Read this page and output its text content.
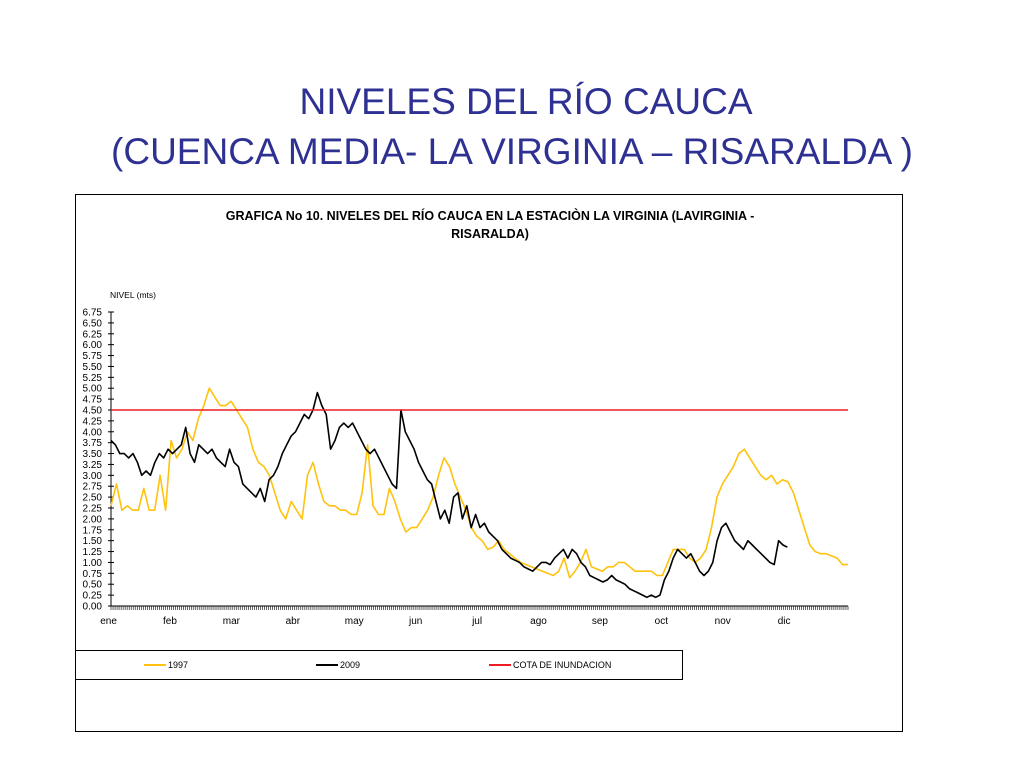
NIVELES DEL RÍO CAUCA
(CUENCA MEDIA- LA VIRGINIA – RISARALDA )
GRAFICA No 10. NIVELES DEL RÍO CAUCA EN LA ESTACIÒN LA VIRGINIA (LAVIRGINIA -
RISARALDA)
0.00
0.25
0.50
0.75
1.00
1.25
1.50
1.75
2.00
2.25
2.50
2.75
3.00
3.25
3.50
3.75
4.00
4.25
4.50
4.75
5.00
5.25
5.50
5.75
6.00
6.25
6.50
6.75
ene	feb	mar	abr	may	jun	jul	ago	sep	oct	nov	dic
NIVEL (mts)
1997	2009	COTA DE INUNDACION
